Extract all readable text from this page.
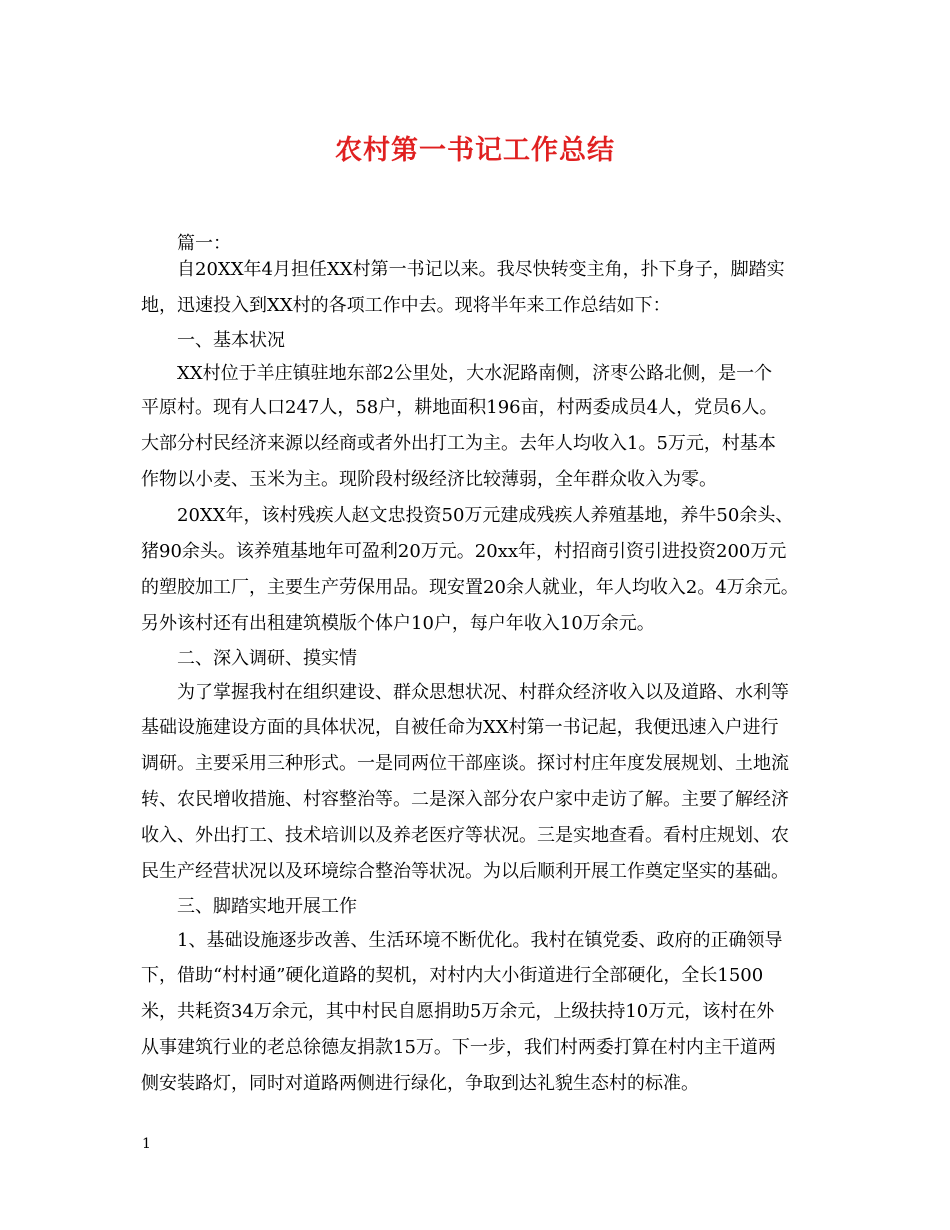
农村第一书记工作总结
篇一：
自20XX年4月担任XX村第一书记以来。我尽快转变主角，扑下身子，脚踏实
地，迅速投入到XX村的各项工作中去。现将半年来工作总结如下：
一、基本状况
XX村位于羊庄镇驻地东部2公里处，大水泥路南侧，济枣公路北侧，是一个
平原村。现有人口247人，58户，耕地面积196亩，村两委成员4人，党员6人。
大部分村民经济来源以经商或者外出打工为主。去年人均收入1。5万元，村基本
作物以小麦、玉米为主。现阶段村级经济比较薄弱，全年群众收入为零。
20XX年，该村残疾人赵文忠投资50万元建成残疾人养殖基地，养牛50余头、
猪90余头。该养殖基地年可盈利20万元。20xx年，村招商引资引进投资200万元
的塑胶加工厂，主要生产劳保用品。现安置20余人就业，年人均收入2。4万余元。
另外该村还有出租建筑模版个体户10户，每户年收入10万余元。
二、深入调研、摸实情
为了掌握我村在组织建设、群众思想状况、村群众经济收入以及道路、水利等
基础设施建设方面的具体状况，自被任命为XX村第一书记起，我便迅速入户进行
调研。主要采用三种形式。一是同两位干部座谈。探讨村庄年度发展规划、土地流
转、农民增收措施、村容整治等。二是深入部分农户家中走访了解。主要了解经济
收入、外出打工、技术培训以及养老医疗等状况。三是实地查看。看村庄规划、农
民生产经营状况以及环境综合整治等状况。为以后顺利开展工作奠定坚实的基础。
三、脚踏实地开展工作
1、基础设施逐步改善、生活环境不断优化。我村在镇党委、政府的正确领导
下，借助“村村通”硬化道路的契机，对村内大小街道进行全部硬化，全长1500
米，共耗资34万余元，其中村民自愿捐助5万余元，上级扶持10万元，该村在外
从事建筑行业的老总徐德友捐款15万。下一步，我们村两委打算在村内主干道两
侧安装路灯，同时对道路两侧进行绿化，争取到达礼貌生态村的标准。
1
